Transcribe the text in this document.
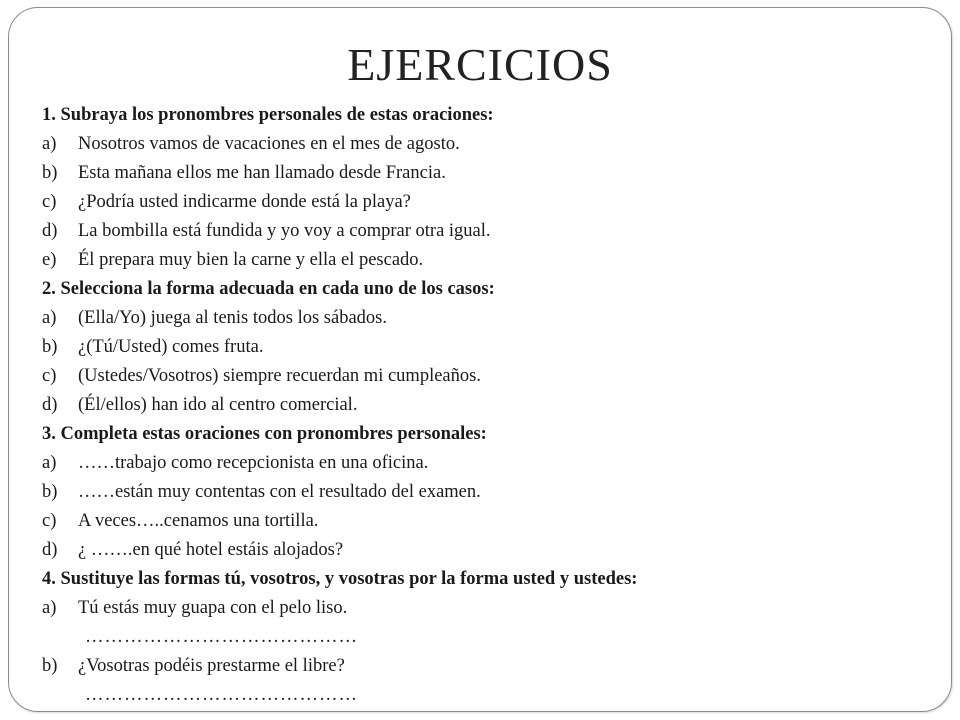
EJERCICIOS
1. Subraya los pronombres personales de estas oraciones:
a)	Nosotros vamos de vacaciones en el mes de agosto.
b)	Esta mañana ellos me han llamado desde Francia.
c)	¿Podría usted indicarme donde está la playa?
d)	La bombilla está fundida y yo voy a comprar otra igual.
e)	Él prepara muy bien la carne y ella el pescado.
2. Selecciona la forma adecuada en cada uno de los casos:
a)	(Ella/Yo) juega al tenis todos los sábados.
b)	¿(Tú/Usted) comes fruta.
c)	(Ustedes/Vosotros) siempre recuerdan mi cumpleaños.
d)	(Él/ellos) han ido al centro comercial.
3. Completa estas oraciones con pronombres personales:
a)	……trabajo como recepcionista en una oficina.
b)	……están muy contentas con el resultado del examen.
c)	A veces…..cenamos una tortilla.
d)	¿ …….en qué hotel estáis alojados?
4. Sustituye las formas tú, vosotros, y vosotras por la forma usted y ustedes:
a)	Tú estás muy guapa con el pelo liso.
……………………………………
b)	¿Vosotras podéis prestarme el libre?
……………………………………
